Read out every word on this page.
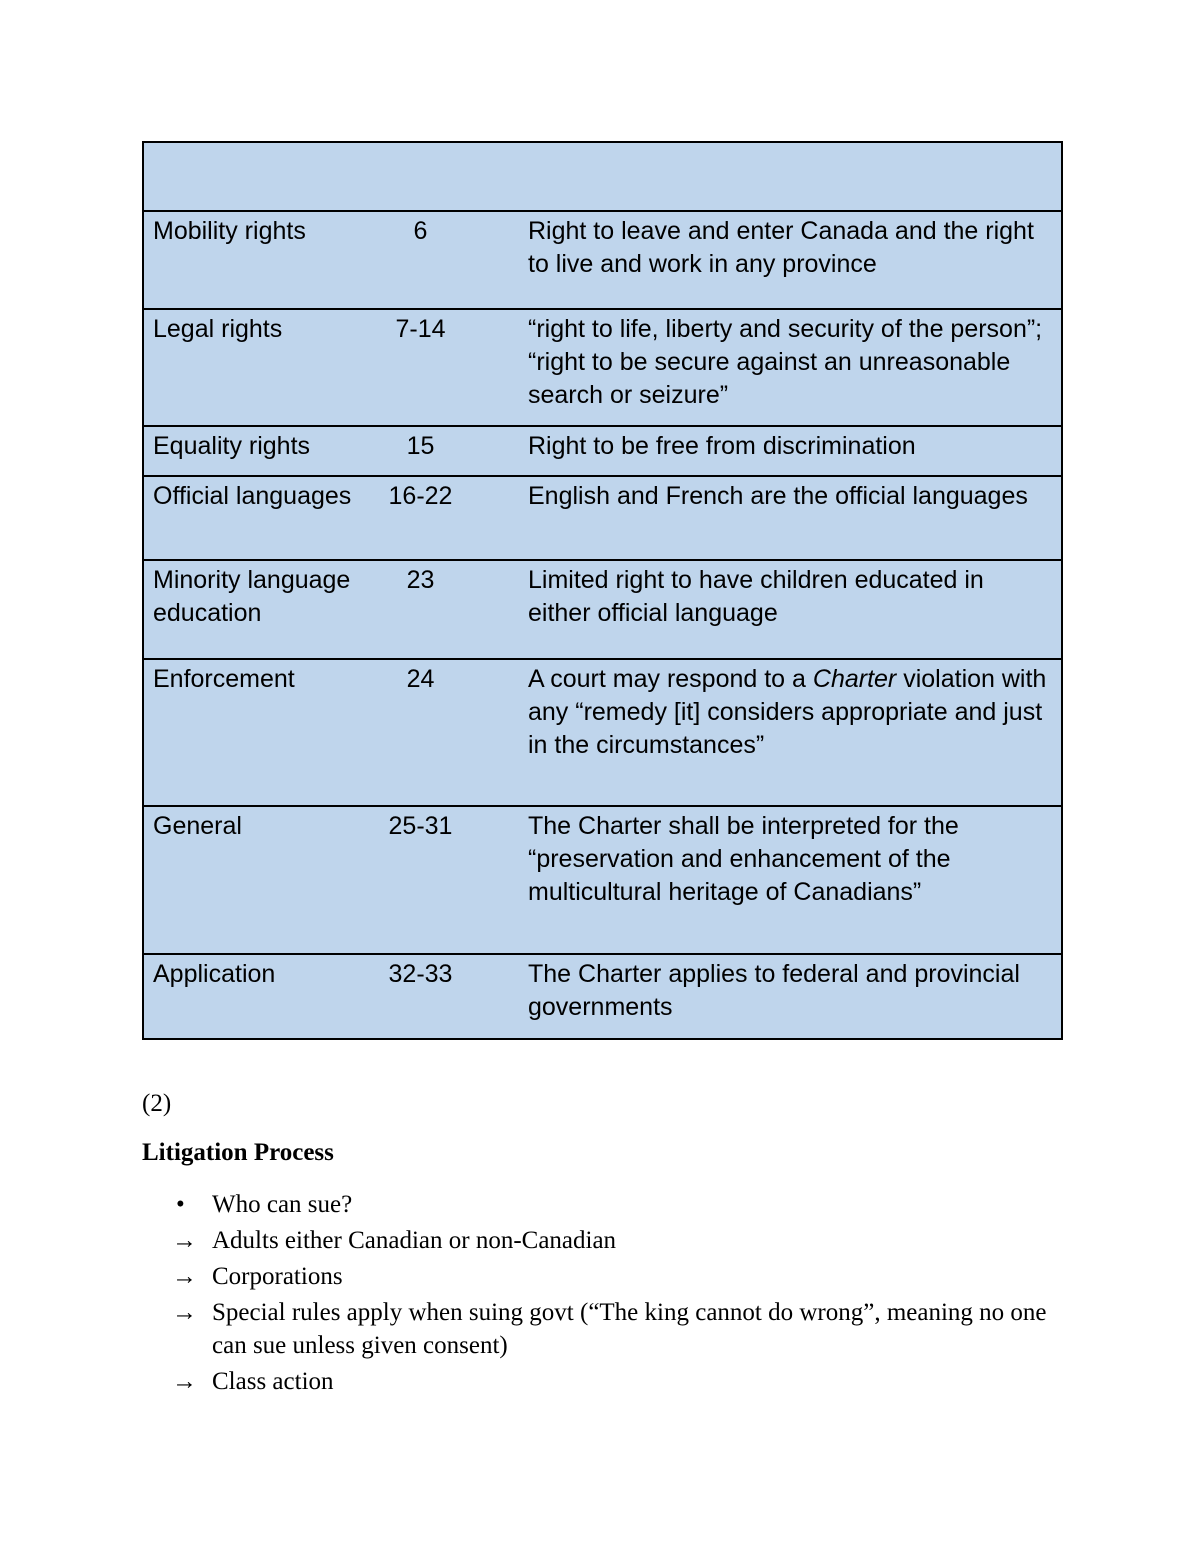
Mobility rights	6	Right to leave and enter Canada and the right to live and work in any province
Legal rights	7-14	“right to life, liberty and security of the person”; “right to be secure against an unreasonable search or seizure”
Equality rights	15	Right to be free from discrimination
Official languages	16-22	English and French are the official languages
Minority language education	23	Limited right to have children educated in either official language
Enforcement	24	A court may respond to a Charter violation with any “remedy [it] considers appropriate and just in the circumstances”
General	25-31	The Charter shall be interpreted for the “preservation and enhancement of the multicultural heritage of Canadians”
Application	32-33	The Charter applies to federal and provincial governments
(2)
Litigation Process
•	Who can sue?
→ Adults either Canadian or non-Canadian
→ Corporations
→ Special rules apply when suing govt (“The king cannot do wrong”, meaning no one can sue unless given consent)
→ Class action
